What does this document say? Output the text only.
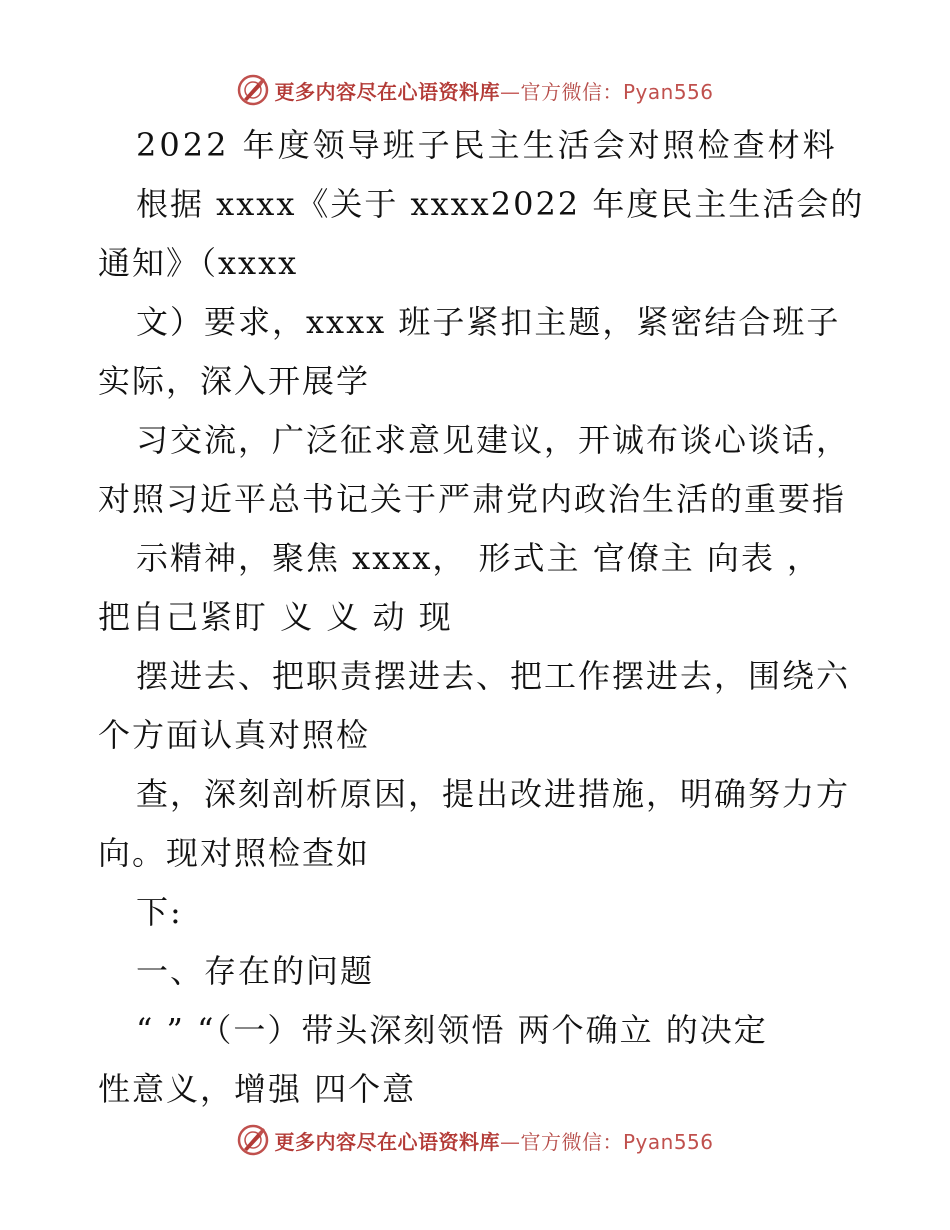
更多内容尽在心语资料库—官方微信：Pyan556
2022 年度领导班子民主生活会对照检查材料
根据 xxxx《关于 xxxx2022 年度民主生活会的
通知》（xxxx
文）要求，xxxx 班子紧扣主题，紧密结合班子
实际，深入开展学
习交流，广泛征求意见建议，开诚布谈心谈话，
对照习近平总书记关于严肃党内政治生活的重要指
示精神，聚焦 xxxx， 形式主 官僚主 向表 ，
把自己紧盯 义 义 动 现
摆进去、把职责摆进去、把工作摆进去，围绕六
个方面认真对照检
查，深刻剖析原因，提出改进措施，明确努力方
向。现对照检查如
下:
一、存在的问题
“ ” “（一）带头深刻领悟 两个确立 的决定
性意义，增强 四个意
更多内容尽在心语资料库—官方微信：Pyan556
